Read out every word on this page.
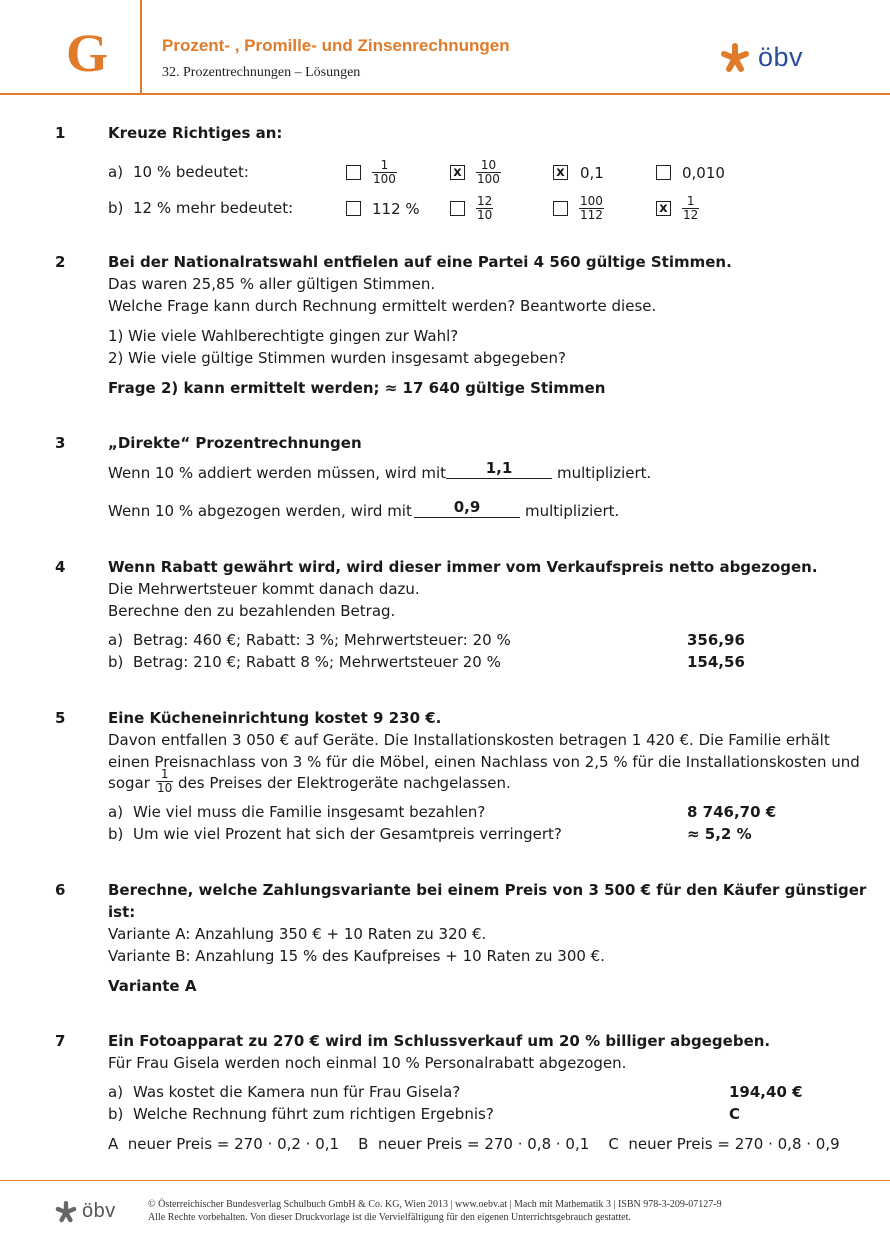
G	Prozent- , Promille- und Zinsenrechnungen
32. Prozentrechnungen – Lösungen
öbv
1	Kreuze Richtiges an:
a) 10 % bedeutet:	$\frac{1}{100}$	x $\frac{10}{100}$	x 0,1	0,010
b) 12 % mehr bedeutet:	112 %	$\frac{12}{10}$	$\frac{100}{112}$	x $\frac{1}{12}$
2	Bei der Nationalratswahl entfielen auf eine Partei 4 560 gültige Stimmen.
Das waren 25,85 % aller gültigen Stimmen.
Welche Frage kann durch Rechnung ermittelt werden? Beantworte diese.
1) Wie viele Wahlberechtigte gingen zur Wahl?
2) Wie viele gültige Stimmen wurden insgesamt abgegeben?
Frage 2) kann ermittelt werden; ≈ 17 640 gültige Stimmen
3	„Direkte“ Prozentrechnungen
Wenn 10 % addiert werden müssen, wird mit	1,1	multipliziert.
Wenn 10 % abgezogen werden, wird mit	0,9	multipliziert.
4	Wenn Rabatt gewährt wird, wird dieser immer vom Verkaufspreis netto abgezogen.
Die Mehrwertsteuer kommt danach dazu.
Berechne den zu bezahlenden Betrag.
a) Betrag: 460 €; Rabatt: 3 %; Mehrwertsteuer: 20 %	356,96
b) Betrag: 210 €; Rabatt 8 %; Mehrwertsteuer 20 %	154,56
5	Eine Kücheneinrichtung kostet 9 230 €.
Davon entfallen 3 050 € auf Geräte. Die Installationskosten betragen 1 420 €. Die Familie erhält
einen Preisnachlass von 3 % für die Möbel, einen Nachlass von 2,5 % für die Installationskosten und
sogar $\frac{1}{10}$ des Preises der Elektrogeräte nachgelassen.
a) Wie viel muss die Familie insgesamt bezahlen?	8 746,70 €
b) Um wie viel Prozent hat sich der Gesamtpreis verringert?	≈ 5,2 %
6	Berechne, welche Zahlungsvariante bei einem Preis von 3 500 € für den Käufer günstiger
ist:
Variante A: Anzahlung 350 € + 10 Raten zu 320 €.
Variante B: Anzahlung 15 % des Kaufpreises + 10 Raten zu 300 €.
Variante A
7	Ein Fotoapparat zu 270 € wird im Schlussverkauf um 20 % billiger abgegeben.
Für Frau Gisela werden noch einmal 10 % Personalrabatt abgezogen.
a) Was kostet die Kamera nun für Frau Gisela?	194,40 €
b) Welche Rechnung führt zum richtigen Ergebnis?	C
A  neuer Preis = 270 · 0,2 · 0,1    B  neuer Preis = 270 · 0,8 · 0,1    C  neuer Preis = 270 · 0,8 · 0,9
öbv	© Österreichischer Bundesverlag Schulbuch GmbH & Co. KG, Wien 2013 | www.oebv.at | Mach mit Mathematik 3 | ISBN 978-3-209-07127-9
Alle Rechte vorbehalten. Von dieser Druckvorlage ist die Vervielfältigung für den eigenen Unterrichtsgebrauch gestattet.
